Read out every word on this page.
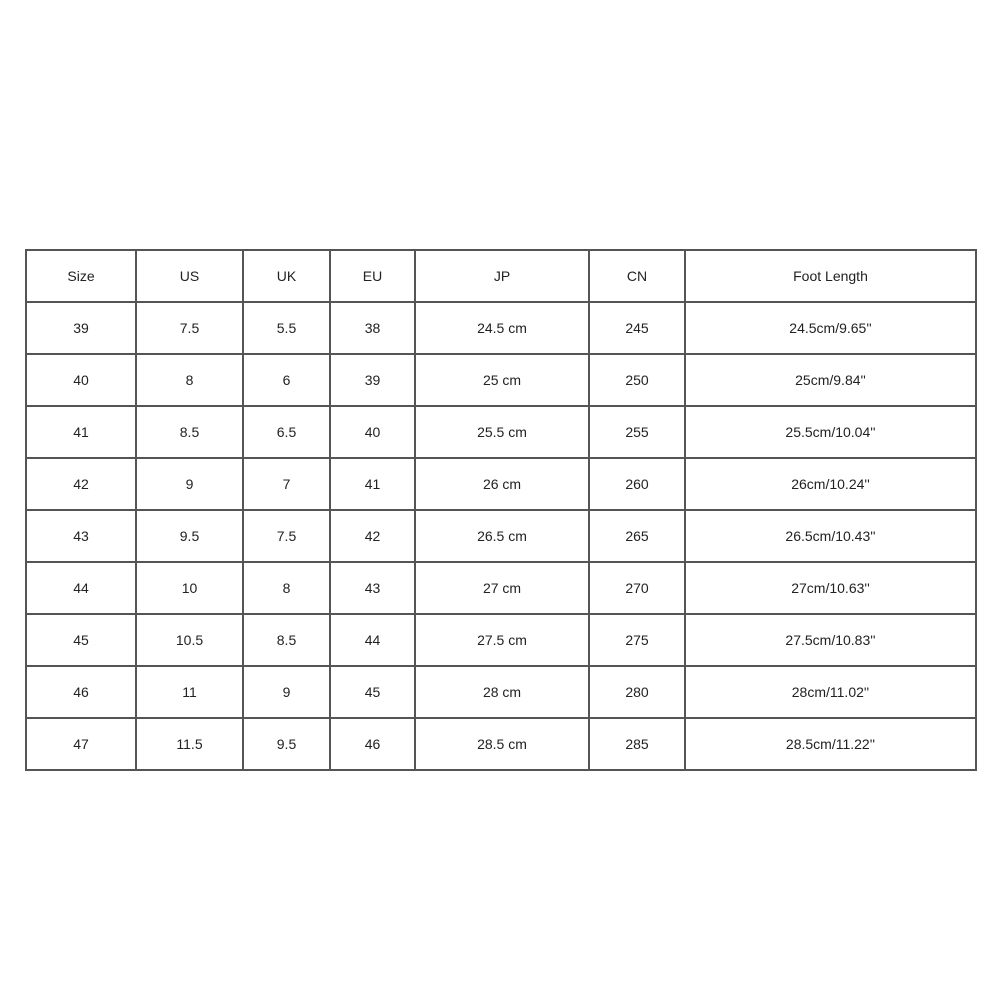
Size	US	UK	EU	JP	CN	Foot Length
39	7.5	5.5	38	24.5 cm	245	24.5cm/9.65''
40	8	6	39	25 cm	250	25cm/9.84''
41	8.5	6.5	40	25.5 cm	255	25.5cm/10.04''
42	9	7	41	26 cm	260	26cm/10.24''
43	9.5	7.5	42	26.5 cm	265	26.5cm/10.43''
44	10	8	43	27 cm	270	27cm/10.63''
45	10.5	8.5	44	27.5 cm	275	27.5cm/10.83''
46	11	9	45	28 cm	280	28cm/11.02''
47	11.5	9.5	46	28.5 cm	285	28.5cm/11.22''
